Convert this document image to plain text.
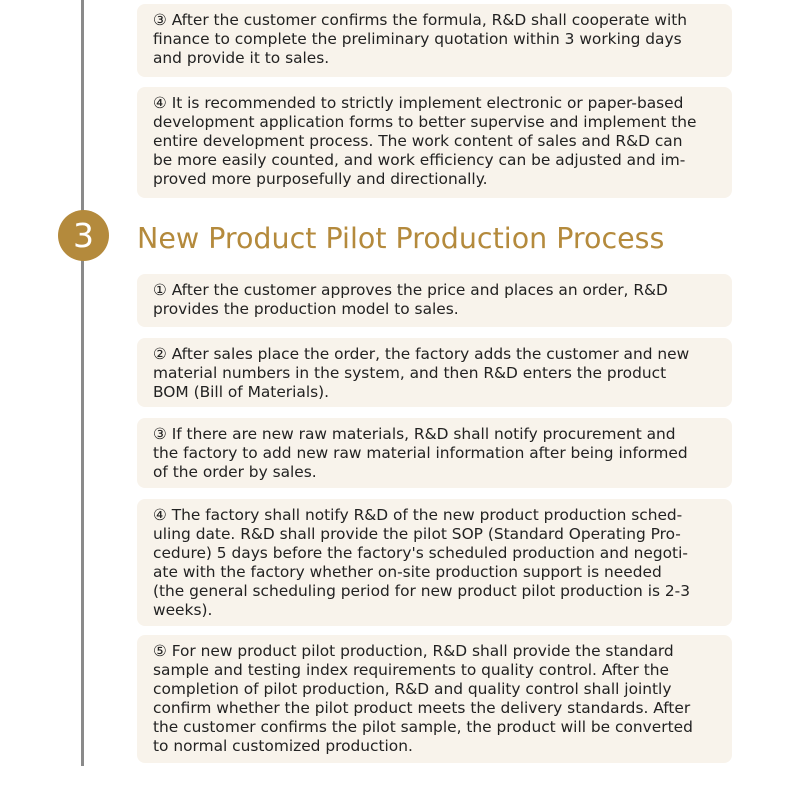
③ After the customer confirms the formula, R&D shall cooperate with
finance to complete the preliminary quotation within 3 working days
and provide it to sales.
④ It is recommended to strictly implement electronic or paper-based
development application forms to better supervise and implement the
entire development process. The work content of sales and R&D can
be more easily counted, and work efficiency can be adjusted and im-
proved more purposefully and directionally.
3	New Product Pilot Production Process
① After the customer approves the price and places an order, R&D
provides the production model to sales.
② After sales place the order, the factory adds the customer and new
material numbers in the system, and then R&D enters the product
BOM (Bill of Materials).
③ If there are new raw materials, R&D shall notify procurement and
the factory to add new raw material information after being informed
of the order by sales.
④ The factory shall notify R&D of the new product production sched-
uling date. R&D shall provide the pilot SOP (Standard Operating Pro-
cedure) 5 days before the factory's scheduled production and negoti-
ate with the factory whether on-site production support is needed
(the general scheduling period for new product pilot production is 2-3
weeks).
⑤ For new product pilot production, R&D shall provide the standard
sample and testing index requirements to quality control. After the
completion of pilot production, R&D and quality control shall jointly
confirm whether the pilot product meets the delivery standards. After
the customer confirms the pilot sample, the product will be converted
to normal customized production.
